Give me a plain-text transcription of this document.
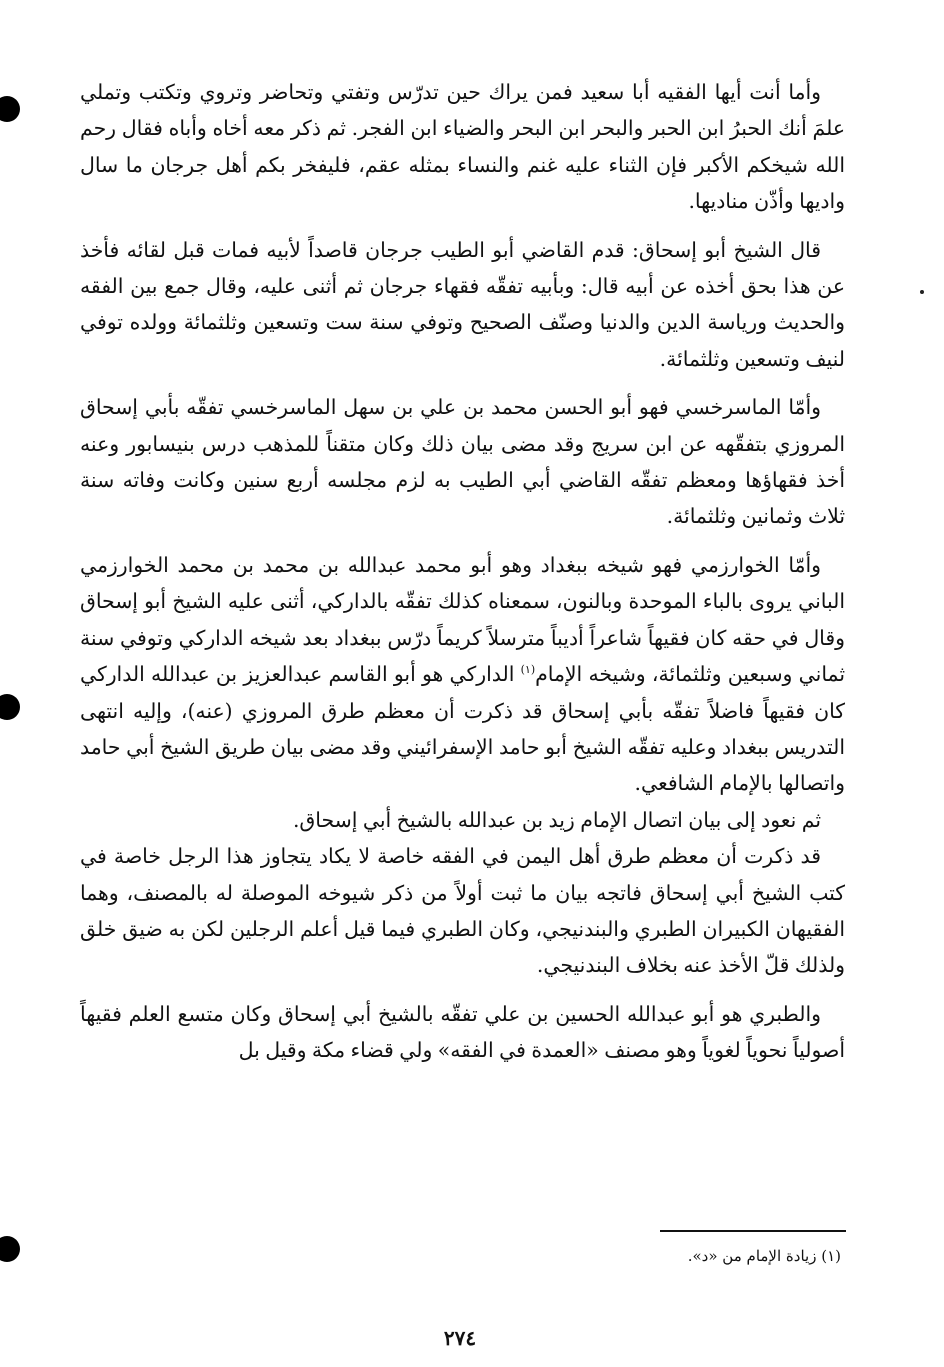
وأما أنت أيها الفقيه أبا سعيد فمن يراك حين تدرّس وتفتي وتحاضر وتروي وتكتب وتملي علمَ أنك الحبرُ ابن الحبر والبحر ابن البحر والضياء ابن الفجر. ثم ذكر معه أخاه وأباه فقال رحم الله شيخكم الأكبر فإن الثناء عليه غنم والنساء بمثله عقم، فليفخر بكم أهل جرجان ما سال واديها وأذّن مناديها.

قال الشيخ أبو إسحاق: قدم القاضي أبو الطيب جرجان قاصداً لأبيه فمات قبل لقائه فأخذ عن هذا بحق أخذه عن أبيه قال: وبأبيه تفقّه فقهاء جرجان ثم أثنى عليه، وقال جمع بين الفقه والحديث ورياسة الدين والدنيا وصنّف الصحيح وتوفي سنة ست وتسعين وثلثمائة وولده توفي لنيف وتسعين وثلثمائة.

وأمّا الماسرخسي فهو أبو الحسن محمد بن علي بن سهل الماسرخسي تفقّه بأبي إسحاق المروزي بتفقّهه عن ابن سريج وقد مضى بيان ذلك وكان متقناً للمذهب درس بنيسابور وعنه أخذ فقهاؤها ومعظم تفقّه القاضي أبي الطيب به لزم مجلسه أربع سنين وكانت وفاته سنة ثلاث وثمانين وثلثمائة.

وأمّا الخوارزمي فهو شيخه ببغداد وهو أبو محمد عبدالله بن محمد بن محمد الخوارزمي الباني يروى بالباء الموحدة وبالنون، سمعناه كذلك تفقّه بالداركي، أثنى عليه الشيخ أبو إسحاق وقال في حقه كان فقيهاً شاعراً أديباً مترسلاً كريماً درّس ببغداد بعد شيخه الداركي وتوفي سنة ثماني وسبعين وثلثمائة، وشيخه الإمام$^{(١)}$ الداركي هو أبو القاسم عبدالعزيز بن عبدالله الداركي كان فقيهاً فاضلاً تفقّه بأبي إسحاق قد ذكرت أن معظم طرق المروزي (عنه)، وإليه انتهى التدريس ببغداد وعليه تفقّه الشيخ أبو حامد الإسفرائيني وقد مضى بيان طريق الشيخ أبي حامد واتصالها بالإمام الشافعي.

ثم نعود إلى بيان اتصال الإمام زيد بن عبدالله بالشيخ أبي إسحاق.

قد ذكرت أن معظم طرق أهل اليمن في الفقه خاصة لا يكاد يتجاوز هذا الرجل خاصة في كتب الشيخ أبي إسحاق فاتجه بيان ما ثبت أولاً من ذكر شيوخه الموصلة له بالمصنف، وهما الفقيهان الكبيران الطبري والبندنيجي، وكان الطبري فيما قيل أعلم الرجلين لكن به ضيق خلق ولذلك قلّ الأخذ عنه بخلاف البندنيجي.

والطبري هو أبو عبدالله الحسين بن علي تفقّه بالشيخ أبي إسحاق وكان متسع العلم فقيهاً أصولياً نحوياً لغوياً وهو مصنف «العمدة في الفقه» ولي قضاء مكة وقيل بل

(١) زيادة الإمام من «د».
٢٧٤
